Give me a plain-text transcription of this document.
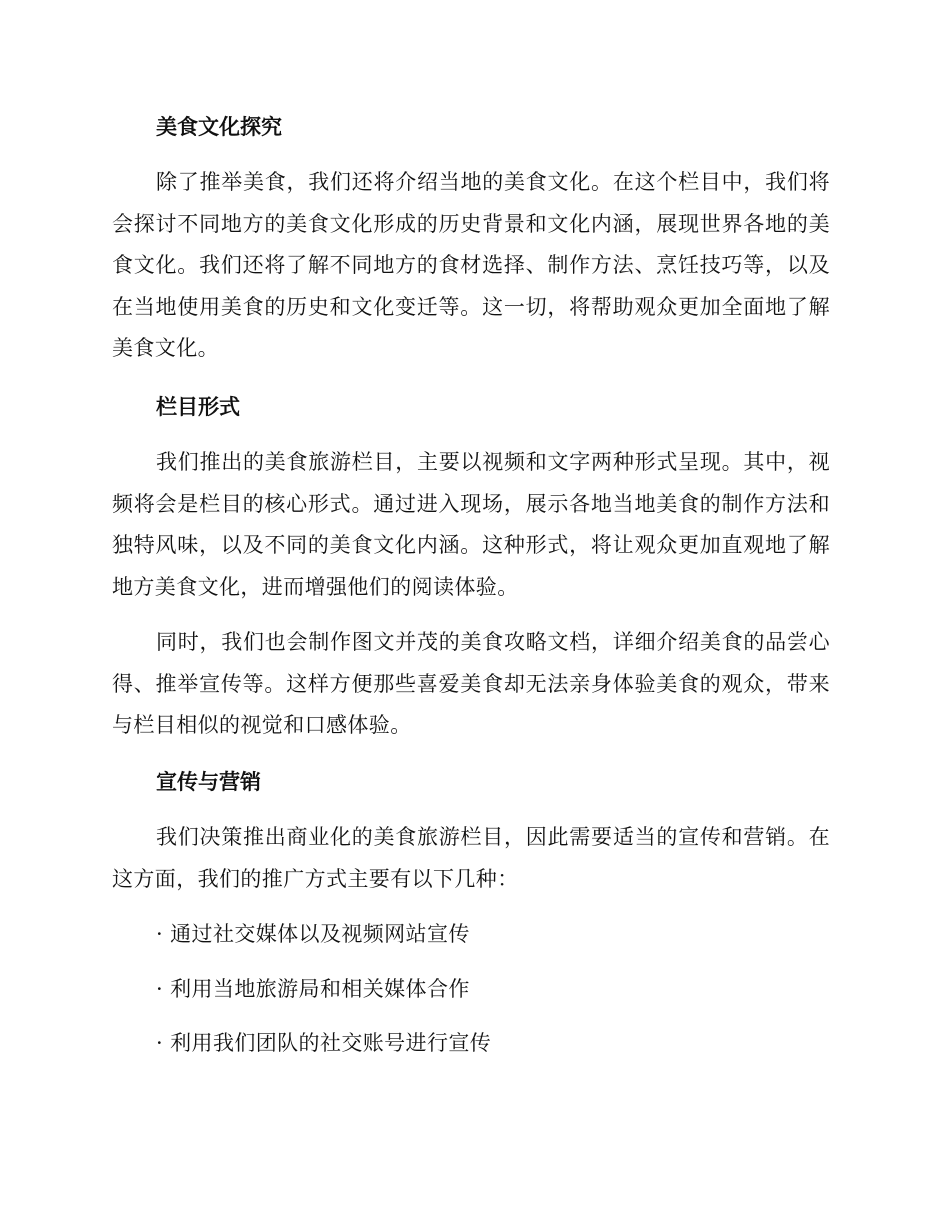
美食文化探究

除了推举美食，我们还将介绍当地的美食文化。在这个栏目中，我们将会探讨不同地方的美食文化形成的历史背景和文化内涵，展现世界各地的美食文化。我们还将了解不同地方的食材选择、制作方法、烹饪技巧等，以及在当地使用美食的历史和文化变迁等。这一切，将帮助观众更加全面地了解美食文化。

栏目形式

我们推出的美食旅游栏目，主要以视频和文字两种形式呈现。其中，视频将会是栏目的核心形式。通过进入现场，展示各地当地美食的制作方法和独特风味，以及不同的美食文化内涵。这种形式，将让观众更加直观地了解地方美食文化，进而增强他们的阅读体验。

同时，我们也会制作图文并茂的美食攻略文档，详细介绍美食的品尝心得、推举宣传等。这样方便那些喜爱美食却无法亲身体验美食的观众，带来与栏目相似的视觉和口感体验。

宣传与营销

我们决策推出商业化的美食旅游栏目，因此需要适当的宣传和营销。在这方面，我们的推广方式主要有以下几种：

· 通过社交媒体以及视频网站宣传
· 利用当地旅游局和相关媒体合作
· 利用我们团队的社交账号进行宣传
